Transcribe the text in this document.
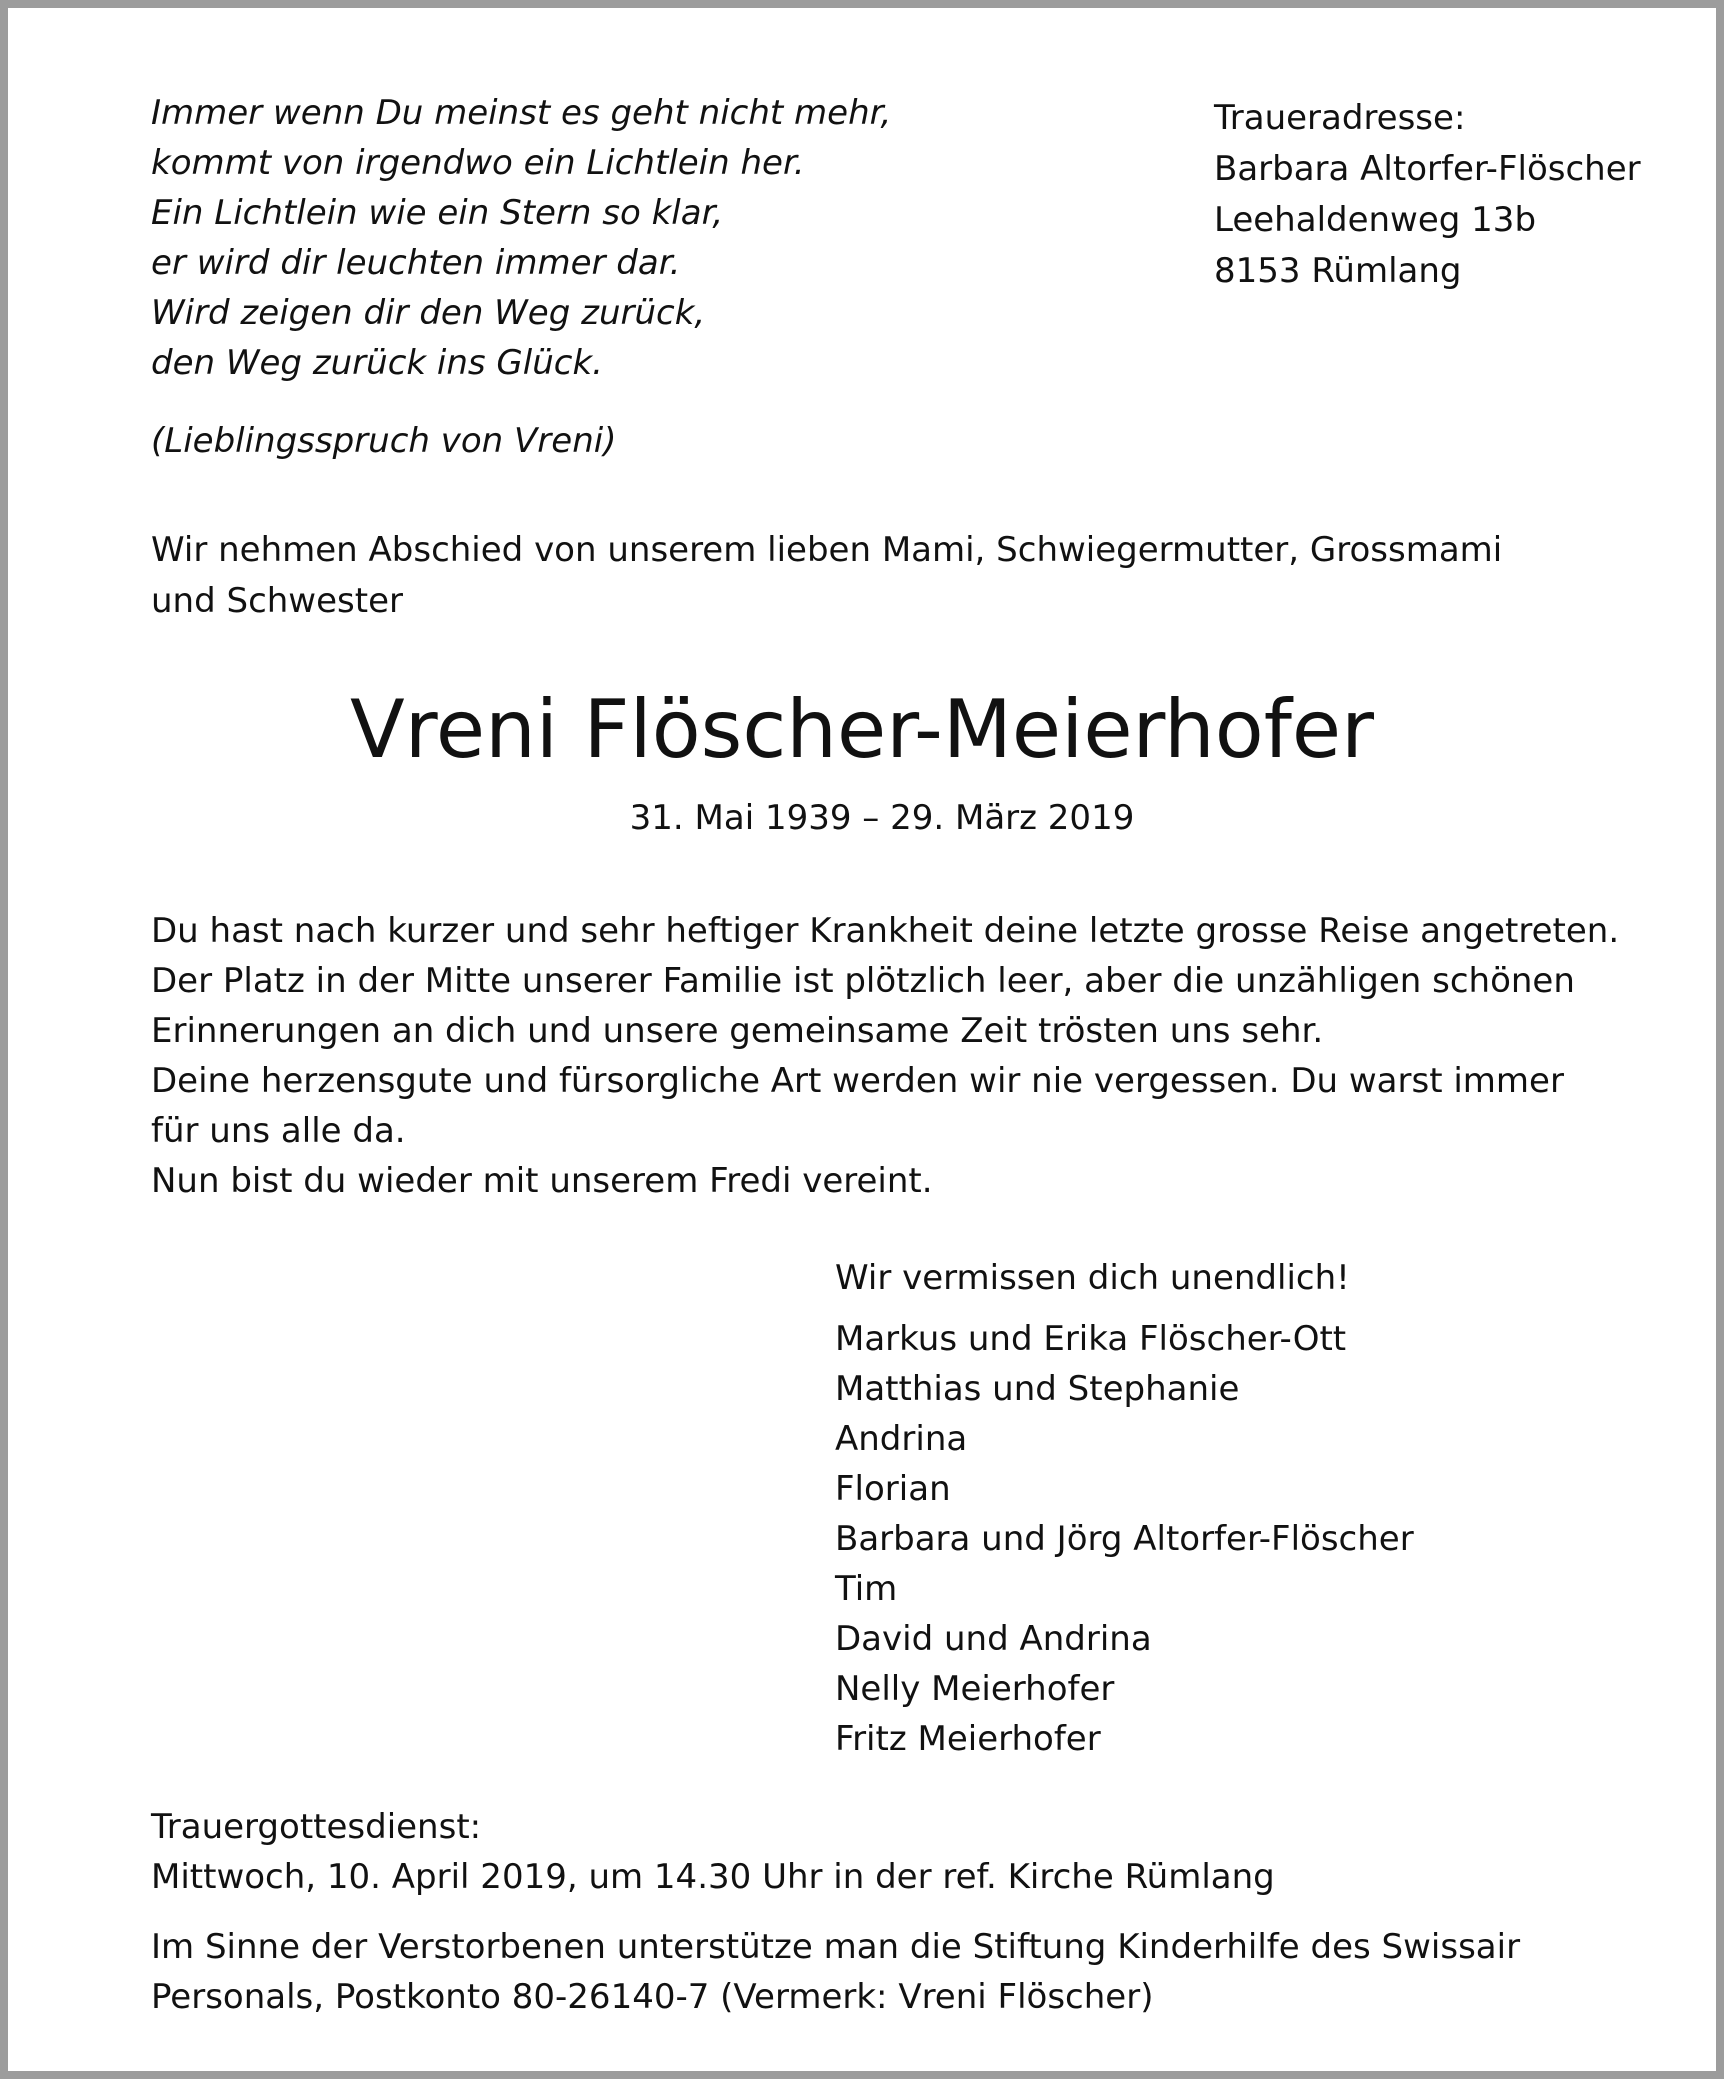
Immer wenn Du meinst es geht nicht mehr,
kommt von irgendwo ein Lichtlein her.
Ein Lichtlein wie ein Stern so klar,
er wird dir leuchten immer dar.
Wird zeigen dir den Weg zurück,
den Weg zurück ins Glück.
(Lieblingsspruch von Vreni)
Traueradresse:
Barbara Altorfer-Flöscher
Leehaldenweg 13b
8153 Rümlang
Wir nehmen Abschied von unserem lieben Mami, Schwiegermutter, Grossmami
und Schwester
Vreni Flöscher-Meierhofer
31. Mai 1939 – 29. März 2019
Du hast nach kurzer und sehr heftiger Krankheit deine letzte grosse Reise angetreten.
Der Platz in der Mitte unserer Familie ist plötzlich leer, aber die unzähligen schönen
Erinnerungen an dich und unsere gemeinsame Zeit trösten uns sehr.
Deine herzensgute und fürsorgliche Art werden wir nie vergessen. Du warst immer
für uns alle da.
Nun bist du wieder mit unserem Fredi vereint.
Wir vermissen dich unendlich!
Markus und Erika Flöscher-Ott
Matthias und Stephanie
Andrina
Florian
Barbara und Jörg Altorfer-Flöscher
Tim
David und Andrina
Nelly Meierhofer
Fritz Meierhofer
Trauergottesdienst:
Mittwoch, 10. April 2019, um 14.30 Uhr in der ref. Kirche Rümlang
Im Sinne der Verstorbenen unterstütze man die Stiftung Kinderhilfe des Swissair
Personals, Postkonto 80-26140-7 (Vermerk: Vreni Flöscher)
